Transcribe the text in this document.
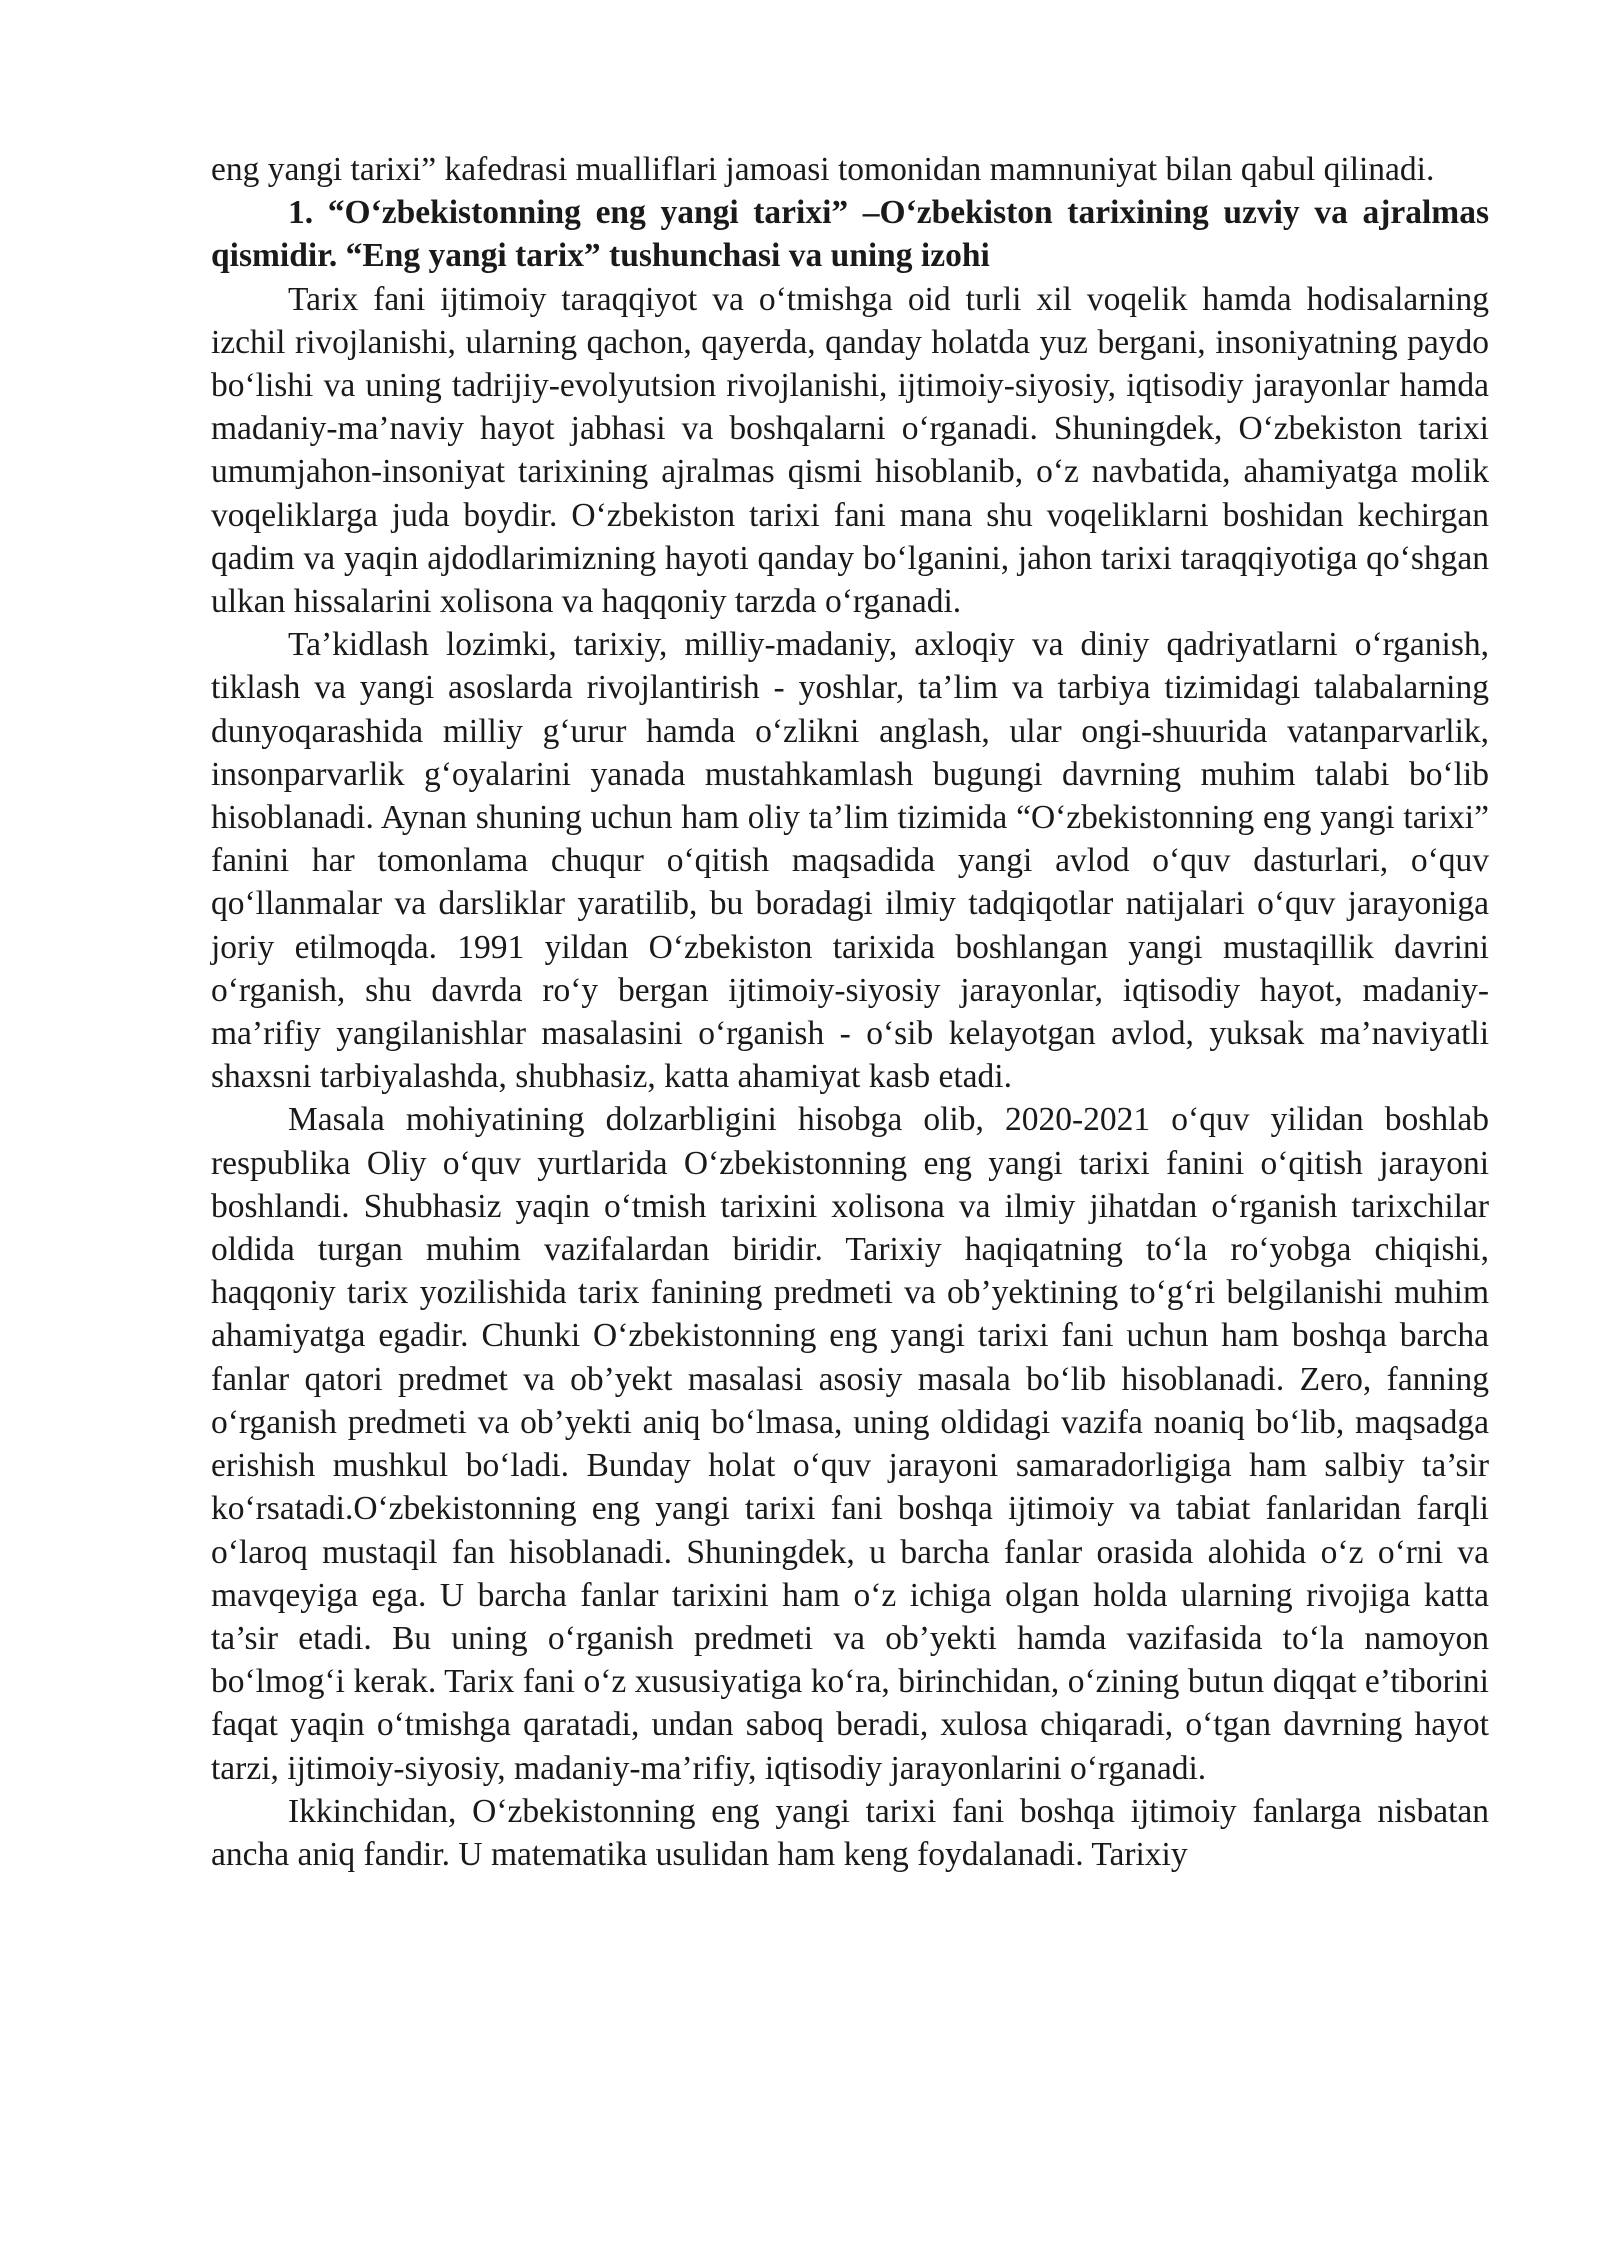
eng yangi tarixi” kafedrasi mualliflari jamoasi tomonidan mamnuniyat bilan qabul qilinadi.

1. “O‘zbekistonning eng yangi tarixi” –O‘zbekiston tarixining uzviy va ajralmas qismidir. “Eng yangi tarix” tushunchasi va uning izohi

Tarix fani ijtimoiy taraqqiyot va o‘tmishga oid turli xil voqelik hamda hodisalarning izchil rivojlanishi, ularning qachon, qayerda, qanday holatda yuz bergani, insoniyatning paydo bo‘lishi va uning tadrijiy-evolyutsion rivojlanishi, ijtimoiy-siyosiy, iqtisodiy jarayonlar hamda madaniy-ma’naviy hayot jabhasi va boshqalarni o‘rganadi. Shuningdek, O‘zbekiston tarixi umumjahon-insoniyat tarixining ajralmas qismi hisoblanib, o‘z navbatida, ahamiyatga molik voqeliklarga juda boydir. O‘zbekiston tarixi fani mana shu voqeliklarni boshidan kechirgan qadim va yaqin ajdodlarimizning hayoti qanday bo‘lganini, jahon tarixi taraqqiyotiga qo‘shgan ulkan hissalarini xolisona va haqqoniy tarzda o‘rganadi.

Ta’kidlash lozimki, tarixiy, milliy-madaniy, axloqiy va diniy qadriyatlarni o‘rganish, tiklash va yangi asoslarda rivojlantirish - yoshlar, ta’lim va tarbiya tizimidagi talabalarning dunyoqarashida milliy g‘urur hamda o‘zlikni anglash, ular ongi-shuurida vatanparvarlik, insonparvarlik g‘oyalarini yanada mustahkamlash bugungi davrning muhim talabi bo‘lib hisoblanadi. Aynan shuning uchun ham oliy ta’lim tizimida “O‘zbekistonning eng yangi tarixi” fanini har tomonlama chuqur o‘qitish maqsadida yangi avlod o‘quv dasturlari, o‘quv qo‘llanmalar va darsliklar yaratilib, bu boradagi ilmiy tadqiqotlar natijalari o‘quv jarayoniga joriy etilmoqda. 1991 yildan O‘zbekiston tarixida boshlangan yangi mustaqillik davrini o‘rganish, shu davrda ro‘y bergan ijtimoiy-siyosiy jarayonlar, iqtisodiy hayot, madaniy-ma’rifiy yangilanishlar masalasini o‘rganish - o‘sib kelayotgan avlod, yuksak ma’naviyatli shaxsni tarbiyalashda, shubhasiz, katta ahamiyat kasb etadi.

Masala mohiyatining dolzarbligini hisobga olib, 2020-2021 o‘quv yilidan boshlab respublika Oliy o‘quv yurtlarida O‘zbekistonning eng yangi tarixi fanini o‘qitish jarayoni boshlandi. Shubhasiz yaqin o‘tmish tarixini xolisona va ilmiy jihatdan o‘rganish tarixchilar oldida turgan muhim vazifalardan biridir. Tarixiy haqiqatning to‘la ro‘yobga chiqishi, haqqoniy tarix yozilishida tarix fanining predmeti va ob’yektining to‘g‘ri belgilanishi muhim ahamiyatga egadir. Chunki O‘zbekistonning eng yangi tarixi fani uchun ham boshqa barcha fanlar qatori predmet va ob’yekt masalasi asosiy masala bo‘lib hisoblanadi. Zero, fanning o‘rganish predmeti va ob’yekti aniq bo‘lmasa, uning oldidagi vazifa noaniq bo‘lib, maqsadga erishish mushkul bo‘ladi. Bunday holat o‘quv jarayoni samaradorligiga ham salbiy ta’sir ko‘rsatadi.O‘zbekistonning eng yangi tarixi fani boshqa ijtimoiy va tabiat fanlaridan farqli o‘laroq mustaqil fan hisoblanadi. Shuningdek, u barcha fanlar orasida alohida o‘z o‘rni va mavqeyiga ega. U barcha fanlar tarixini ham o‘z ichiga olgan holda ularning rivojiga katta ta’sir etadi. Bu uning o‘rganish predmeti va ob’yekti hamda vazifasida to‘la namoyon bo‘lmog‘i kerak. Tarix fani o‘z xususiyatiga ko‘ra, birinchidan, o‘zining butun diqqat e’tiborini faqat yaqin o‘tmishga qaratadi, undan saboq beradi, xulosa chiqaradi, o‘tgan davrning hayot tarzi, ijtimoiy-siyosiy, madaniy-ma’rifiy, iqtisodiy jarayonlarini o‘rganadi.

Ikkinchidan, O‘zbekistonning eng yangi tarixi fani boshqa ijtimoiy fanlarga nisbatan ancha aniq fandir. U matematika usulidan ham keng foydalanadi. Tarixiy
